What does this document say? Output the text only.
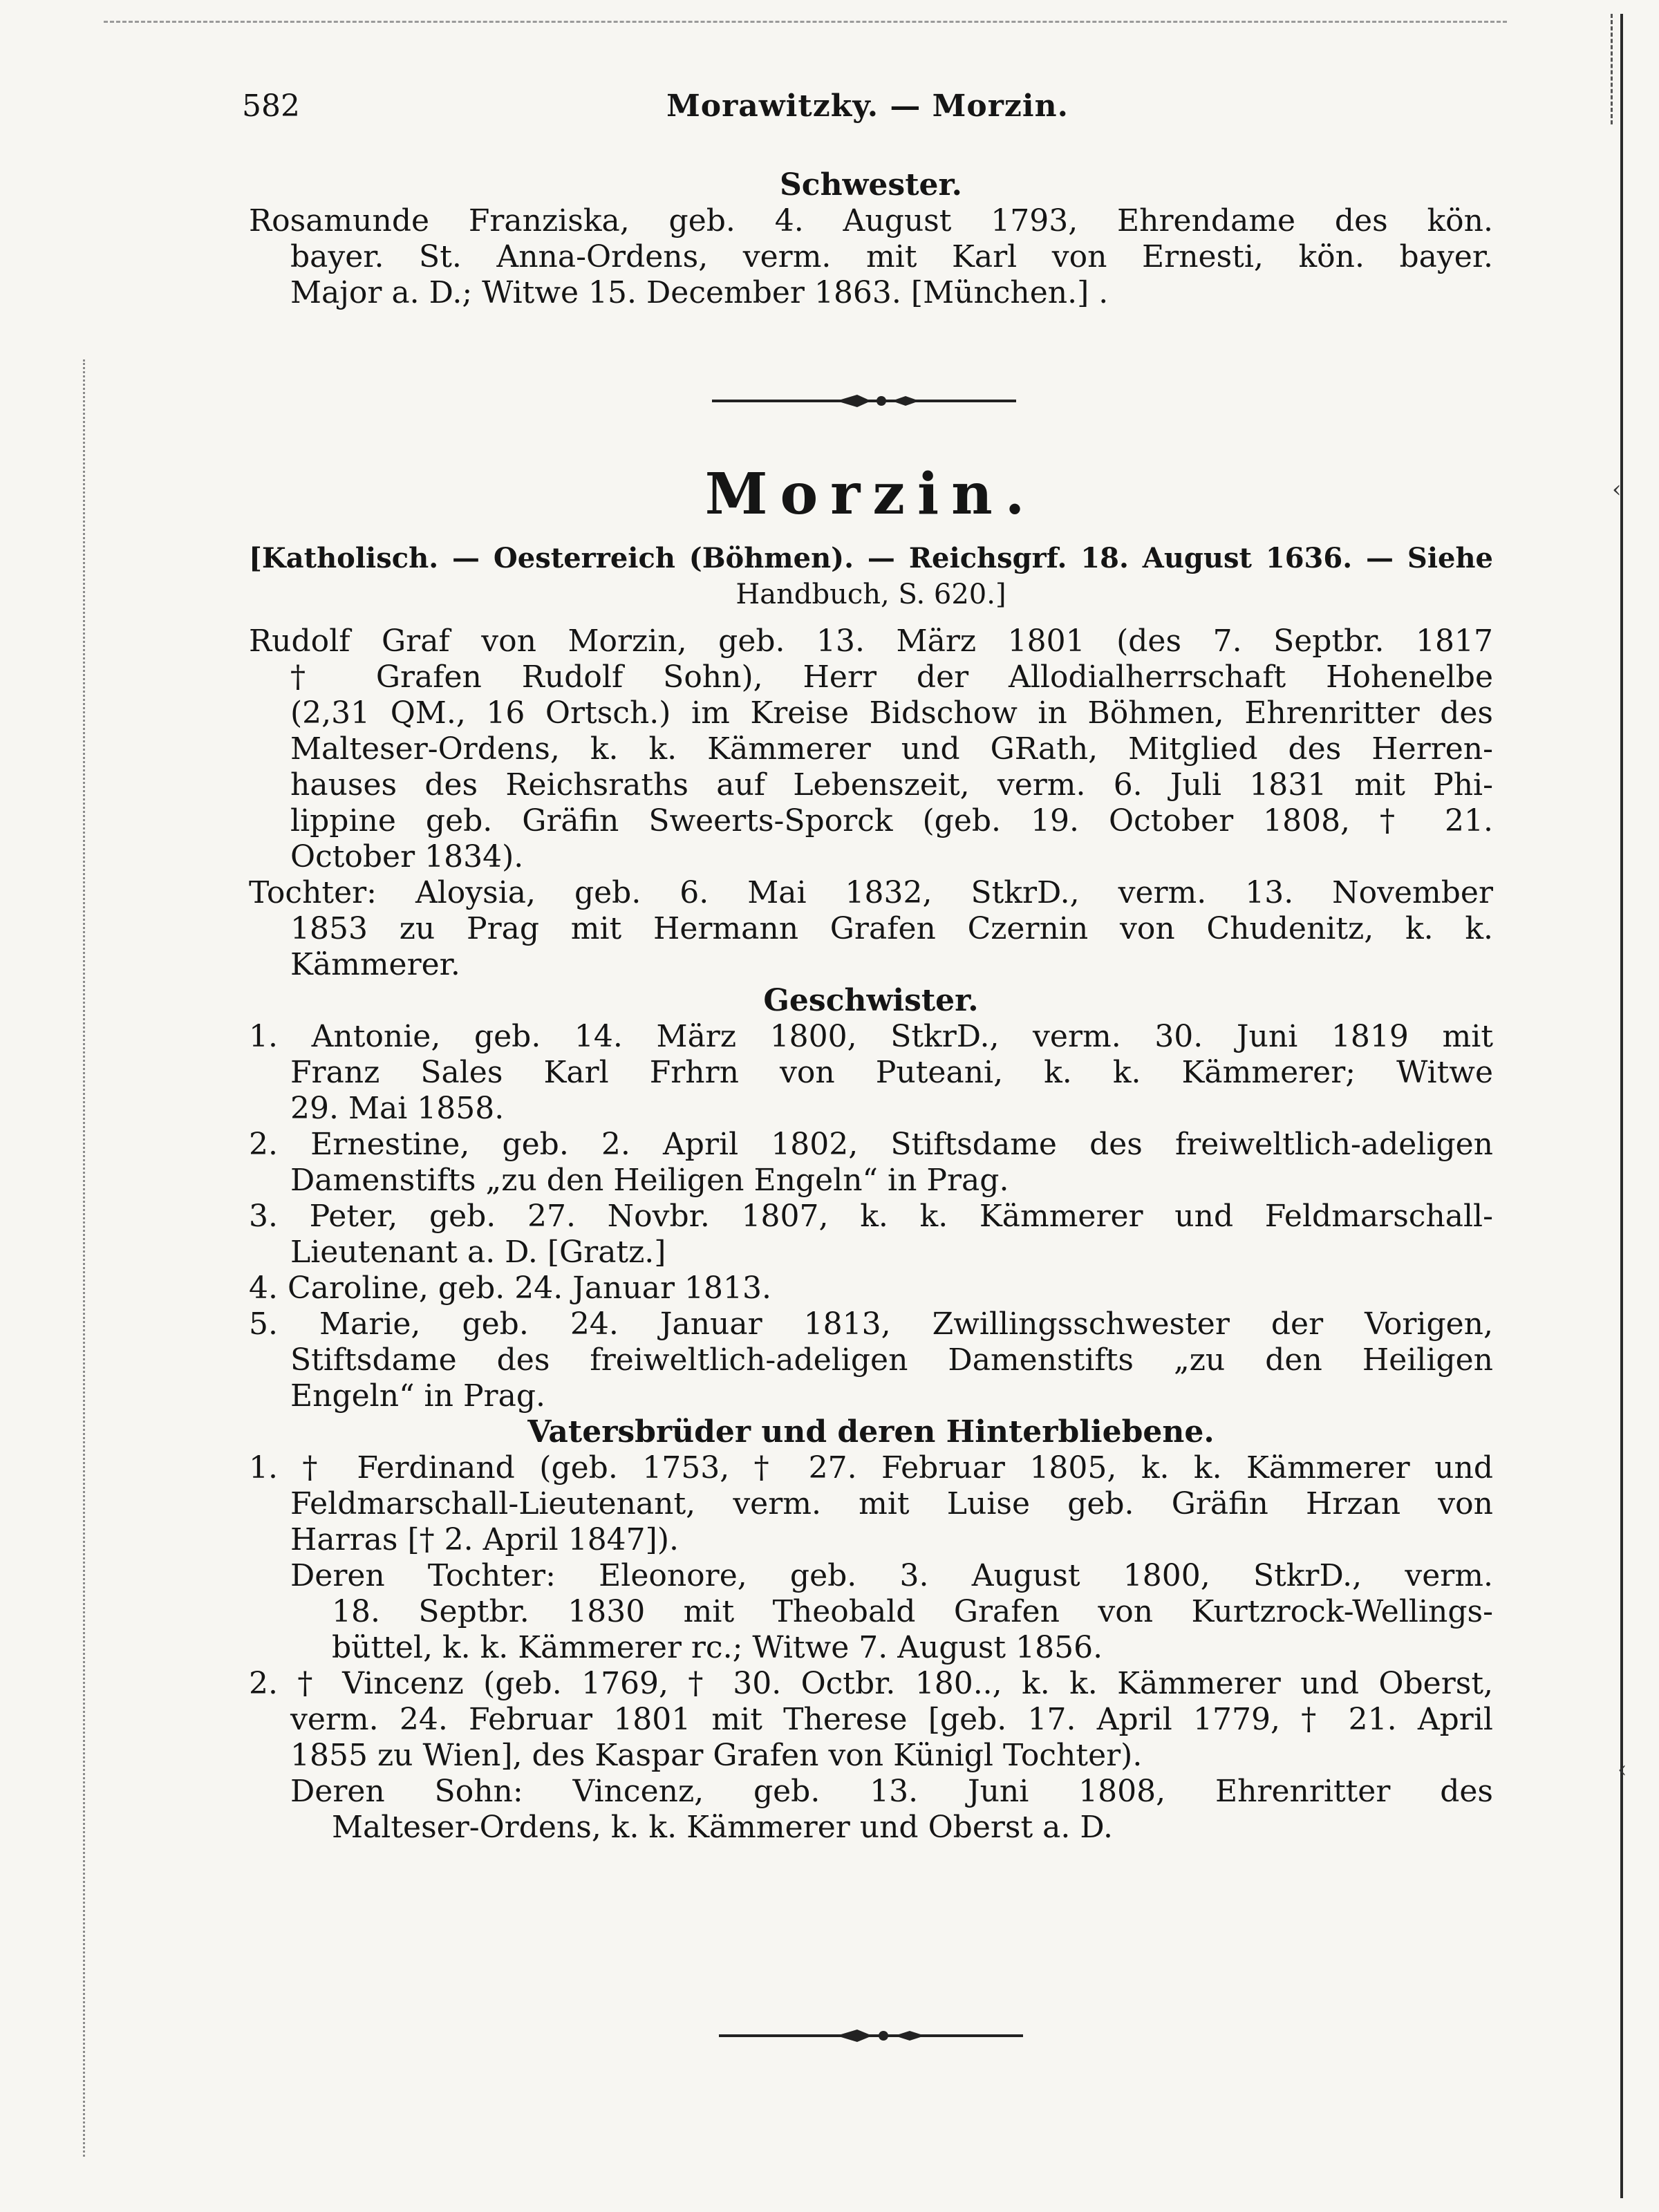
‹
‹
582	Morawitzky. — Morzin.
Schwester.
Rosamunde Franziska, geb. 4. August 1793, Ehrendame des kön.
bayer. St. Anna-Ordens, verm. mit Karl von Ernesti, kön. bayer.
Major a. D.; Witwe 15. December 1863. [München.] .
Morzin.
[Katholisch. — Oesterreich (Böhmen). — Reichsgrf. 18. August 1636. — Siehe
Handbuch, S. 620.]
Rudolf Graf von Morzin, geb. 13. März 1801 (des 7. Septbr. 1817
† Grafen Rudolf Sohn), Herr der Allodialherrschaft Hohenelbe
(2,31 QM., 16 Ortsch.) im Kreise Bidschow in Böhmen, Ehrenritter des
Malteser-Ordens, k. k. Kämmerer und GRath, Mitglied des Herren-
hauses des Reichsraths auf Lebenszeit, verm. 6. Juli 1831 mit Phi-
lippine geb. Gräfin Sweerts-Sporck (geb. 19. October 1808, † 21.
October 1834).
Tochter: Aloysia, geb. 6. Mai 1832, StkrD., verm. 13. November
1853 zu Prag mit Hermann Grafen Czernin von Chudenitz, k. k.
Kämmerer.
Geschwister.
1. Antonie, geb. 14. März 1800, StkrD., verm. 30. Juni 1819 mit
Franz Sales Karl Frhrn von Puteani, k. k. Kämmerer; Witwe
29. Mai 1858.
2. Ernestine, geb. 2. April 1802, Stiftsdame des freiweltlich-adeligen
Damenstifts „zu den Heiligen Engeln“ in Prag.
3. Peter, geb. 27. Novbr. 1807, k. k. Kämmerer und Feldmarschall-
Lieutenant a. D. [Gratz.]
4. Caroline, geb. 24. Januar 1813.
5. Marie, geb. 24. Januar 1813, Zwillingsschwester der Vorigen,
Stiftsdame des freiweltlich-adeligen Damenstifts „zu den Heiligen
Engeln“ in Prag.
Vatersbrüder und deren Hinterbliebene.
1. † Ferdinand (geb. 1753, † 27. Februar 1805, k. k. Kämmerer und
Feldmarschall-Lieutenant, verm. mit Luise geb. Gräfin Hrzan von
Harras [† 2. April 1847]).
Deren Tochter: Eleonore, geb. 3. August 1800, StkrD., verm.
18. Septbr. 1830 mit Theobald Grafen von Kurtzrock-Wellings-
büttel, k. k. Kämmerer rc.; Witwe 7. August 1856.
2. † Vincenz (geb. 1769, † 30. Octbr. 180.., k. k. Kämmerer und Oberst,
verm. 24. Februar 1801 mit Therese [geb. 17. April 1779, † 21. April
1855 zu Wien], des Kaspar Grafen von Künigl Tochter).
Deren Sohn: Vincenz, geb. 13. Juni 1808, Ehrenritter des
Malteser-Ordens, k. k. Kämmerer und Oberst a. D.
